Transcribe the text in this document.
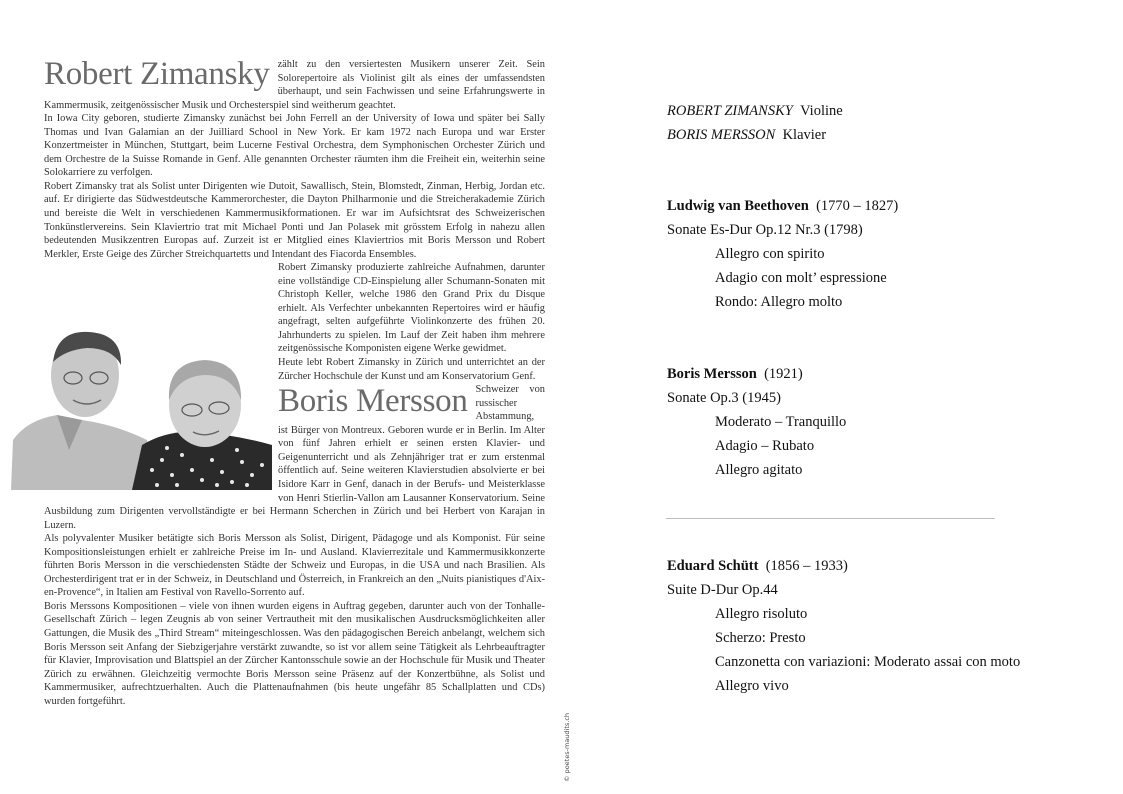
Robert Zimansky zählt zu den versiertesten Musikern unserer Zeit. Sein Solorepertoire als Violinist gilt als eines der umfassendsten überhaupt, und sein Fachwissen und seine Erfahrungswerte in Kammermusik, zeitgenössischer Musik und Orchesterspiel sind weitherum geachtet.

In Iowa City geboren, studierte Zimansky zunächst bei John Ferrell an der University of Iowa und später bei Sally Thomas und Ivan Galamian an der Juilliard School in New York. Er kam 1972 nach Europa und war Erster Konzertmeister in München, Stuttgart, beim Lucerne Festival Orchestra, dem Symphonischen Orchester Zürich und dem Orchestre de la Suisse Romande in Genf. Alle genannten Orchester räumten ihm die Freiheit ein, weiterhin seine Solokarriere zu verfolgen.

Robert Zimansky trat als Solist unter Dirigenten wie Dutoit, Sawallisch, Stein, Blomstedt, Zinman, Herbig, Jordan etc. auf. Er dirigierte das Südwestdeutsche Kammerorchester, die Dayton Philharmonie und die Streicherakademie Zürich und bereiste die Welt in verschiedenen Kammermusikformationen. Er war im Aufsichtsrat des Schweizerischen Tonkünstlervereins. Sein Klaviertrio trat mit Michael Ponti und Jan Polasek mit grösstem Erfolg in nahezu allen bedeutenden Musikzentren Europas auf. Zurzeit ist er Mitglied eines Klaviertrios mit Boris Mersson und Robert Merkler, Erste Geige des Zürcher Streichquartetts und Intendant des Fiacorda Ensembles.

Robert Zimansky produzierte zahlreiche Aufnahmen, darunter eine vollständige CD-Einspielung aller Schumann-Sonaten mit Christoph Keller, welche 1986 den Grand Prix du Disque erhielt. Als Verfechter unbekannten Repertoires wird er häufig angefragt, selten aufgeführte Violinkonzerte des frühen 20. Jahrhunderts zu spielen. Im Lauf der Zeit haben ihm mehrere zeitgenössische Komponisten eigene Werke gewidmet.

Heute lebt Robert Zimansky in Zürich und unterrichtet an der Zürcher Hochschule der Kunst und am Konservatorium Genf.

Boris Mersson Schweizer von russischer Abstammung, ist Bürger von Montreux. Geboren wurde er in Berlin. Im Alter von fünf Jahren erhielt er seinen ersten Klavier- und Geigenunterricht und als Zehnjähriger trat er zum erstenmal öffentlich auf. Seine weiteren Klavierstudien absolvierte er bei Isidore Karr in Genf, danach in der Berufs- und Meisterklasse von Henri Stierlin-Vallon am Lausanner Konservatorium. Seine Ausbildung zum Dirigenten vervollständigte er bei Hermann Scherchen in Zürich und bei Herbert von Karajan in Luzern.

Als polyvalenter Musiker betätigte sich Boris Mersson als Solist, Dirigent, Pädagoge und als Komponist. Für seine Kompositionsleistungen erhielt er zahlreiche Preise im In- und Ausland. Klavierrezitale und Kammermusikkonzerte führten Boris Mersson in die verschiedensten Städte der Schweiz und Europas, in die USA und nach Brasilien. Als Orchesterdirigent trat er in der Schweiz, in Deutschland und Österreich, in Frankreich an den „Nuits pianistiques d'Aix-en-Provence“, in Italien am Festival von Ravello-Sorrento auf.

Boris Merssons Kompositionen – viele von ihnen wurden eigens in Auftrag gegeben, darunter auch von der Tonhalle-Gesellschaft Zürich – legen Zeugnis ab von seiner Vertrautheit mit den musikalischen Ausdrucksmöglichkeiten aller Gattungen, die Musik des „Third Stream“ miteingeschlossen. Was den pädagogischen Bereich anbelangt, welchem sich Boris Mersson seit Anfang der Siebzigerjahre verstärkt zuwandte, so ist vor allem seine Tätigkeit als Lehrbeauftragter für Klavier, Improvisation und Blattspiel an der Zürcher Kantonsschule sowie an der Hochschule für Musik und Theater Zürich zu erwähnen. Gleichzeitig vermochte Boris Mersson seine Präsenz auf der Konzertbühne, als Solist und Kammermusiker, aufrechtzuerhalten. Auch die Plattenaufnahmen (bis heute ungefähr 85 Schallplatten und CDs) wurden fortgeführt.

© poetes-maudits.ch
ROBERT ZIMANSKY Violine
BORIS MERSSON Klavier
Ludwig van Beethoven (1770 – 1827)
Sonate Es-Dur Op.12 Nr.3 (1798)
Allegro con spirito
Adagio con molt’ espressione
Rondo: Allegro molto
Boris Mersson (1921)
Sonate Op.3 (1945)
Moderato – Tranquillo
Adagio – Rubato
Allegro agitato
Eduard Schütt (1856 – 1933)
Suite D-Dur Op.44
Allegro risoluto
Scherzo: Presto
Canzonetta con variazioni: Moderato assai con moto
Allegro vivo
